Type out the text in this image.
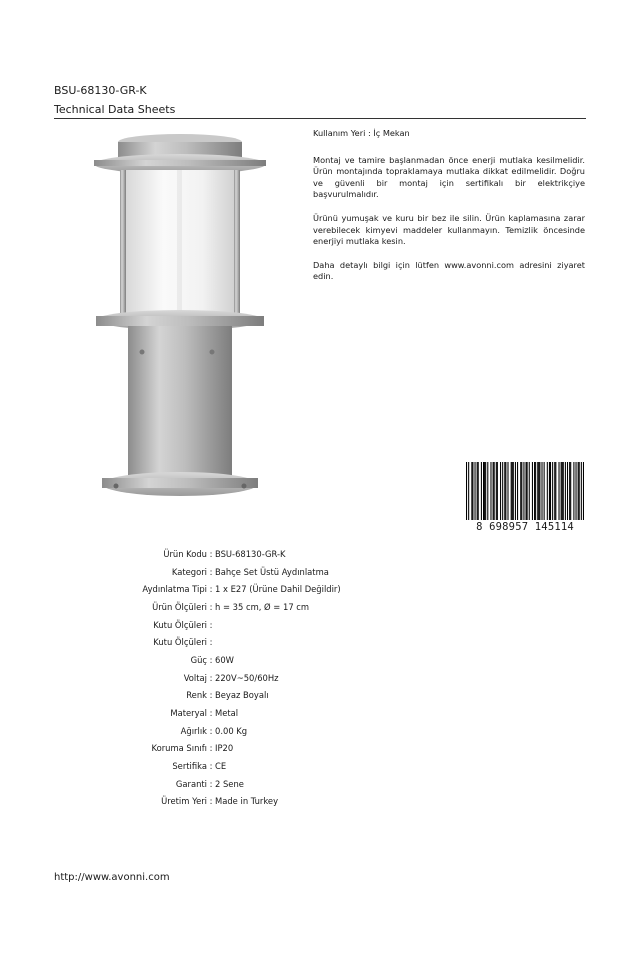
BSU-68130-GR-K
Technical Data Sheets

Kullanım Yeri : İç Mekan

Montaj ve tamire başlanmadan önce enerji mutlaka kesilmelidir. Ürün montajında topraklamaya mutlaka dikkat edilmelidir. Doğru ve güvenli bir montaj için sertifikalı bir elektrikçiye başvurulmalıdır.

Ürünü yumuşak ve kuru bir bez ile silin. Ürün kaplamasına zarar verebilecek kimyevi maddeler kullanmayın. Temizlik öncesinde enerjiyi mutlaka kesin.

Daha detaylı bilgi için lütfen www.avonni.com adresini ziyaret edin.

8 698957 145114
Ürün Kodu : BSU-68130-GR-K
Kategori : Bahçe Set Üstü Aydınlatma
Aydınlatma Tipi : 1 x E27 (Ürüne Dahil Değildir)
Ürün Ölçüleri : h = 35 cm, Ø = 17 cm
Kutu Ölçüleri :
Kutu Ölçüleri :
Güç : 60W
Voltaj : 220V~50/60Hz
Renk : Beyaz Boyalı
Materyal : Metal
Ağırlık : 0.00 Kg
Koruma Sınıfı : IP20
Sertifika : CE
Garanti : 2 Sene
Üretim Yeri : Made in Turkey
http://www.avonni.com
